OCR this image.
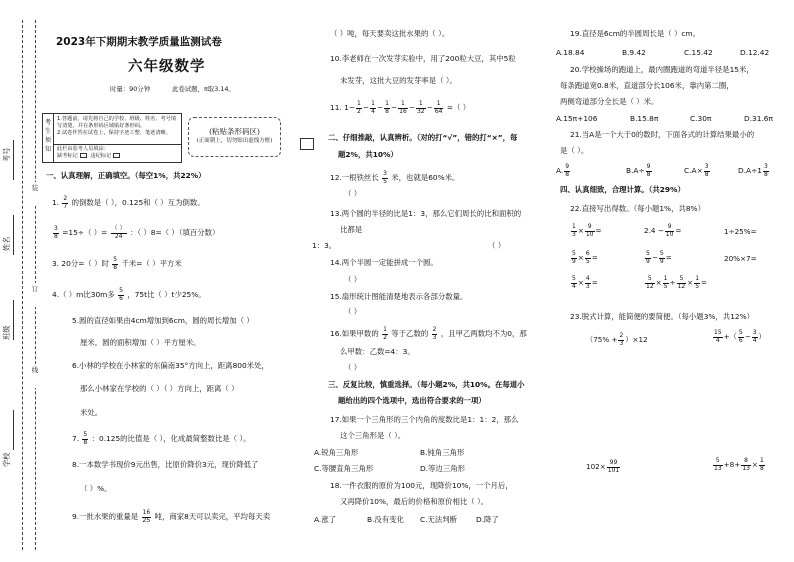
装
订
线
考号
姓名
班级
学校
2023年下期期末教学质量监测试卷
六年级数学
时量：90分钟	此卷试题，π取3.14。
考生须知
1.答题前，请先将自己的学校、班级、姓名、考号填写清楚，并在条形码区域贴好条形码。
2.试卷作答在试卷上，保持字迹工整，笔迹清晰。
此栏由监考人员填涂：
缺考标记 违纪标记
(粘贴条形码区)
(正面朝上，切勿贴出虚线方框)
一、认真理解，正确填空。（每空1%，共22%）
1. $\frac{2}{7}$ 的倒数是（ ），0.125和（ ）互为倒数。
$\frac{3}{8} =15\div$（ ）= $\frac{( )}{24}$ ：（ ）8=（ ）（填百分数）
3. 20分=（ ）时 $\frac{5}{8}$ 千米=（ ）平方米
4.（ ）m比30m多 $\frac{5}{6}$ ，75t比（ ）t少25%。
5.圆的直径如果由4cm增加到6cm，圆的周长增加（ ）
厘米，圆的面积增加（ ）平方厘米。
6.小林的学校在小林家的东偏南35°方向上，距离800米处，
那么小林家在学校的（ ）（ ）方向上，距离（ ）
米处。
7. $\frac{5}{8}$ ：0.125的比值是（ ），化成最简整数比是（ ）。
8.一本数学书现价9元出售，比原价降价3元，现价降低了
（ ）%。
9.一批水果的重量是 $\frac{16}{25}$ 吨，商家8天可以卖完，平均每天卖
（ ）吨，每天要卖这批水果的（ ）。
10.李老师在一次发芽实验中，用了200粒大豆，其中5粒
未发芽，这批大豆的发芽率是（ ）。
11. $1- \frac{1}{2} - \frac{1}{4} - \frac{1}{8} - \frac{1}{16} - \frac{1}{32} - \frac{1}{64}$ =（ ）
二、仔细推敲，认真辨析。（对的打“√”，错的打“×”，每
题2%，共10%）
12.一根铁丝长 $\frac{3}{5}$ 米，也就是60%米。
（ ）
13.两个圆的半径的比是1：3，那么它们周长的比和面积的
比都是
1：3。	（ ）
14.两个半圆一定能拼成一个圆。
（ ）
15.扇形统计图能清楚地表示各部分数量。
（ ）
16.如果甲数的 $\frac{1}{2}$ 等于乙数的 $\frac{2}{3}$ ，且甲乙两数均不为0，那
么甲数：乙数=4：3。
（ ）
三、反复比较，慎重选择。（每小题2%，共10%。在每道小
题给出的四个选项中，选出符合要求的一项）
17.如果一个三角形的三个内角的度数比是1：1：2，那么
这个三角形是（ ）。
A.锐角三角形	B.钝角三角形
C.等腰直角三角形	D.等边三角形
18.一件衣服的原价为100元，现降价10%，一个月后，
又再降价10%，最后的价格和原价相比（ ）。
A.涨了	B.没有变化 C.无法判断	D.降了
19.直径是6cm的半圆周长是（ ）cm。
A.18.84	B.9.42	C.15.42	D.12.42
20.学校操场的跑道上，最内圈跑道的弯道半径是15米，
每条跑道宽0.8米，直道部分长106米，靠内第二圈，
两侧弯道部分全长是（ ）米。
A.15π+106	B.15.8π	C.30π	D.31.6π
21.当A是一个大于0的数时，下面各式的计算结果最小的
是（ ）。
A. $\frac{9}{8}$	$B.A\div \frac{9}{8}$	$C.A\times \frac{3}{8}$	$D.A\div 1 \frac{3}{8}$
四、认真细致，合理计算。（共29%）
22.直接写出得数。（每小题1%，共8%）
$\frac{1}{3} \times \frac{9}{10}$ =	$2.4 - \frac{9}{10}$ =	1÷25%=
$\frac{5}{9} \times \frac{6}{5}$ =	$\frac{5}{9} - \frac{5}{9}$ =	20%×7=
$\frac{5}{4} \times \frac{4}{3}$ =	$\frac{5}{12} \times \frac{1}{5} \div \frac{5}{12} \times \frac{1}{5}$ =
23.脱式计算，能简便的要简便。（每小题3%，共12%）
$(75\% + \frac{2}{3} )\times 12$	$\frac{15}{4}$ +（ $\frac{5}{6} - \frac{3}{4}$ ）
$102\times \frac{99}{101}$	$\frac{5}{13} +8+ \frac{8}{13} \times \frac{1}{8}$
